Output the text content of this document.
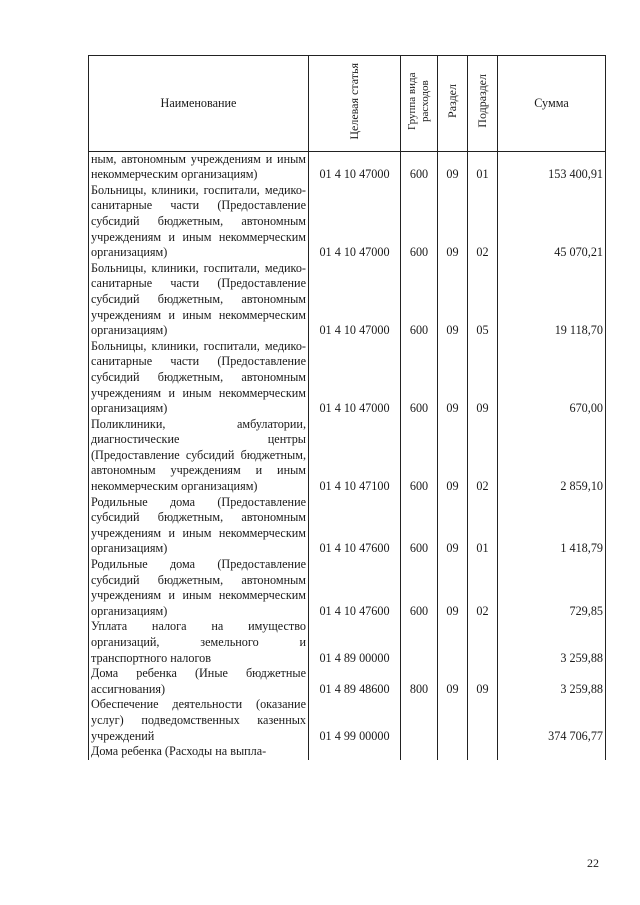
Наименование	Целевая статья	Группа вида расходов	Раздел	Подраздел	Сумма
ным, автономным учреждениям и иным некоммерческим организациям)	01 4 10 47000	600	09	01	153 400,91
Больницы, клиники, госпитали, медико-санитарные части (Предоставление субсидий бюджетным, автономным учреждениям и иным некоммерческим организациям)	01 4 10 47000	600	09	02	45 070,21
Больницы, клиники, госпитали, медико-санитарные части (Предоставление субсидий бюджетным, автономным учреждениям и иным некоммерческим организациям)	01 4 10 47000	600	09	05	19 118,70
Больницы, клиники, госпитали, медико-санитарные части (Предоставление субсидий бюджетным, автономным учреждениям и иным некоммерческим организациям)	01 4 10 47000	600	09	09	670,00
Поликлиники, амбулатории, диагностические центры (Предоставление субсидий бюджетным, автономным учреждениям и иным некоммерческим организациям)	01 4 10 47100	600	09	02	2 859,10
Родильные дома (Предоставление субсидий бюджетным, автономным учреждениям и иным некоммерческим организациям)	01 4 10 47600	600	09	01	1 418,79
Родильные дома (Предоставление субсидий бюджетным, автономным учреждениям и иным некоммерческим организациям)	01 4 10 47600	600	09	02	729,85
Уплата налога на имущество организаций, земельного и транспортного налогов	01 4 89 00000				3 259,88
Дома ребенка (Иные бюджетные ассигнования)	01 4 89 48600	800	09	09	3 259,88
Обеспечение деятельности (оказание услуг) подведомственных казенных учреждений	01 4 99 00000				374 706,77
Дома ребенка (Расходы на выпла-					
22
